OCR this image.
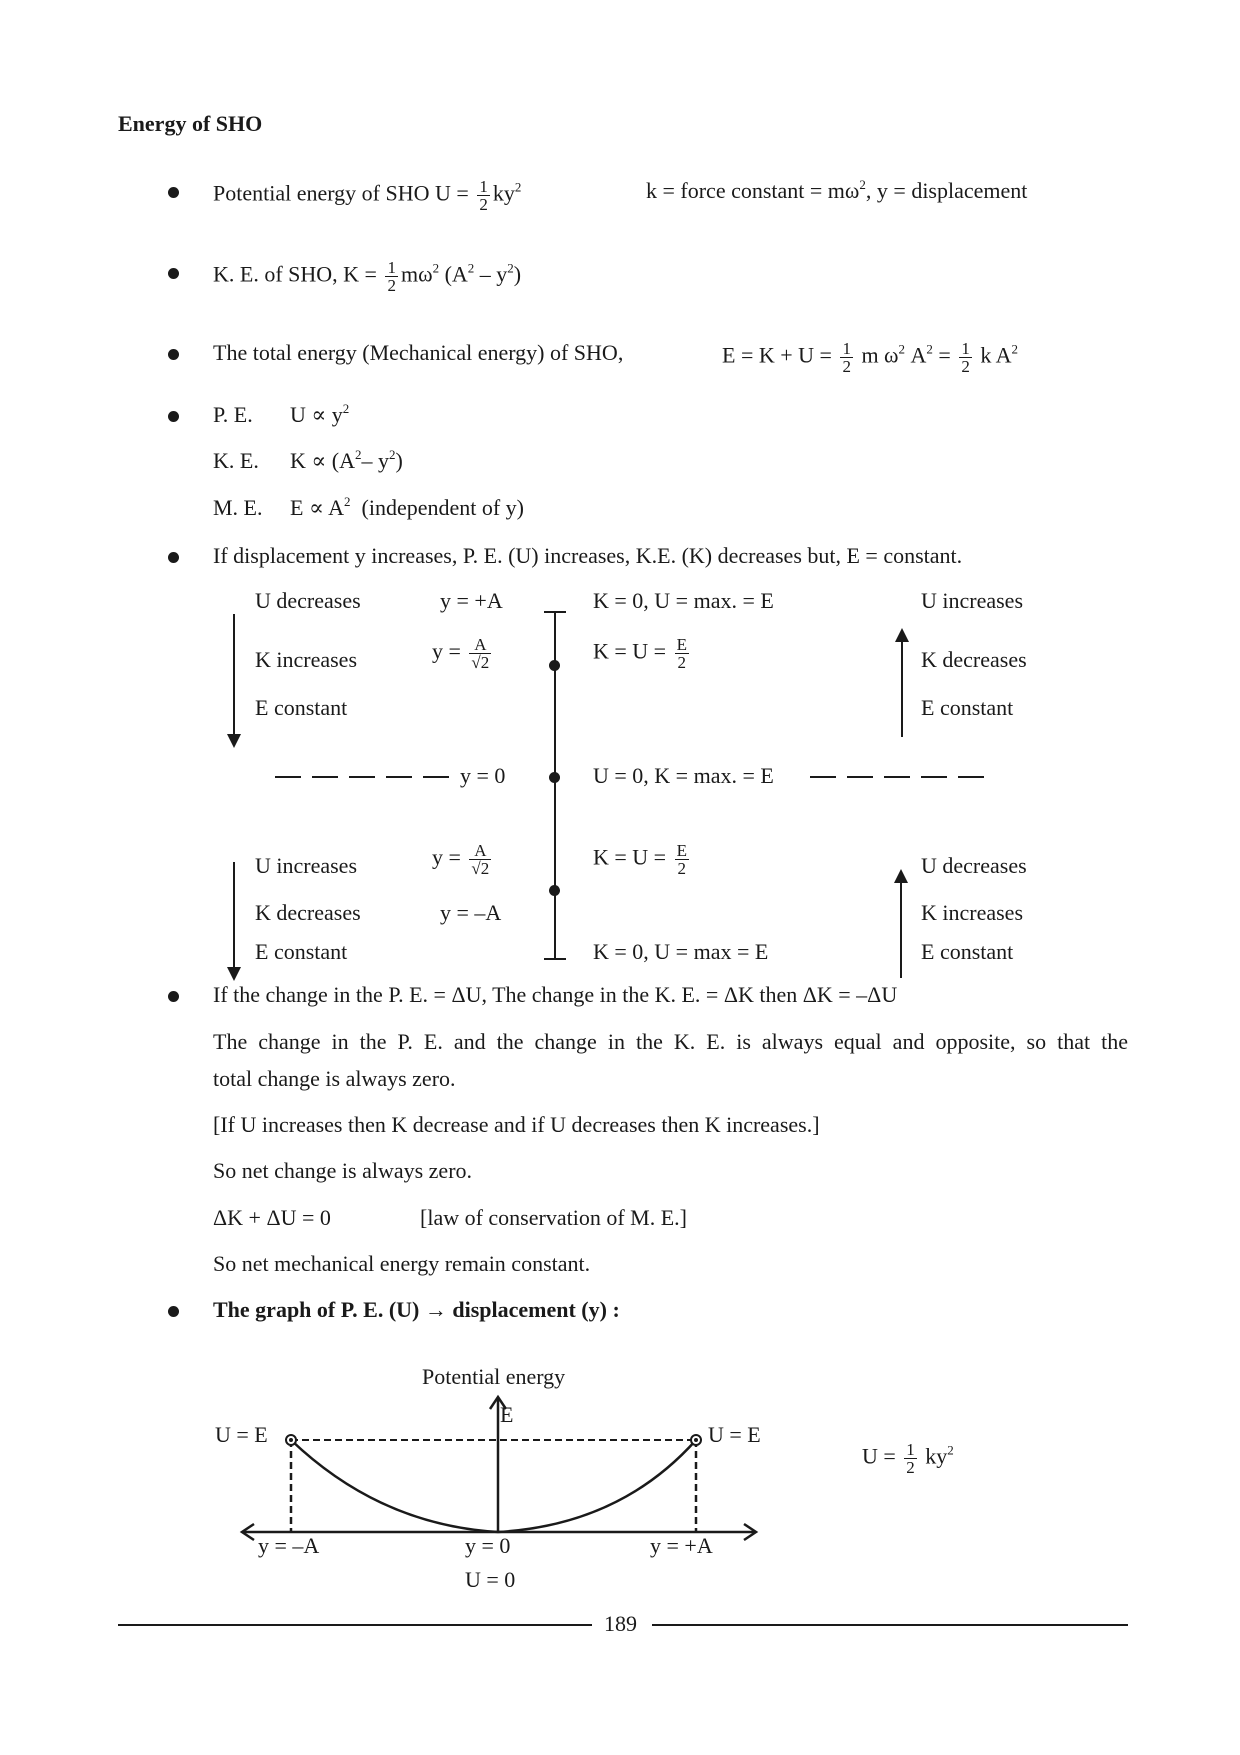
Energy of SHO
Potential energy of SHO $U = \frac{1}{2} ky^2$	k = force constant = $m\omega^2$, y = displacement
K. E. of SHO, $K = \frac{1}{2} m\omega^2$ $(A^2 - y^2)$
The total energy (Mechanical energy) of SHO,	$E = K + U = \frac{1}{2}$ m $\omega^2$ $A^2 = \frac{1}{2}$ k $A^2$
P. E. $U \propto y^2$
K. E. $K \propto (A^2-$ $y^2$)
M. E. $E \propto A^2$ (independent of y)
If displacement y increases, P. E. (U) increases, K.E. (K) decreases but, E = constant.
U decreases
K increases
E constant
U increases
K decreases
E constant
y = +A
$y = \frac{A}{√2}$
y = 0
$y = \frac{A}{√2}$
y = –A
K = 0, U = max. = E
$K = U = \frac{E}{2}$
U = 0, K = max. = E
$K = U = \frac{E}{2}$
K = 0, U = max = E
U increases
K decreases
E constant
U decreases
K increases
E constant
If the change in the P. E. = ΔU, The change in the K. E. = ΔK then ΔK = –ΔU
The change in the P. E. and the change in the K. E. is always equal and opposite, so that the
total change is always zero.
[If U increases then K decrease and if U decreases then K increases.]
So net change is always zero.
ΔK + ΔU = 0	[law of conservation of M. E.]
So net mechanical energy remain constant.
The graph of P. E. (U) → displacement (y) :
Potential energy
E
U = E	U = E
y = –A	y = 0	y = +A
U = 0
$U = \frac{1}{2} ky^2$
189
